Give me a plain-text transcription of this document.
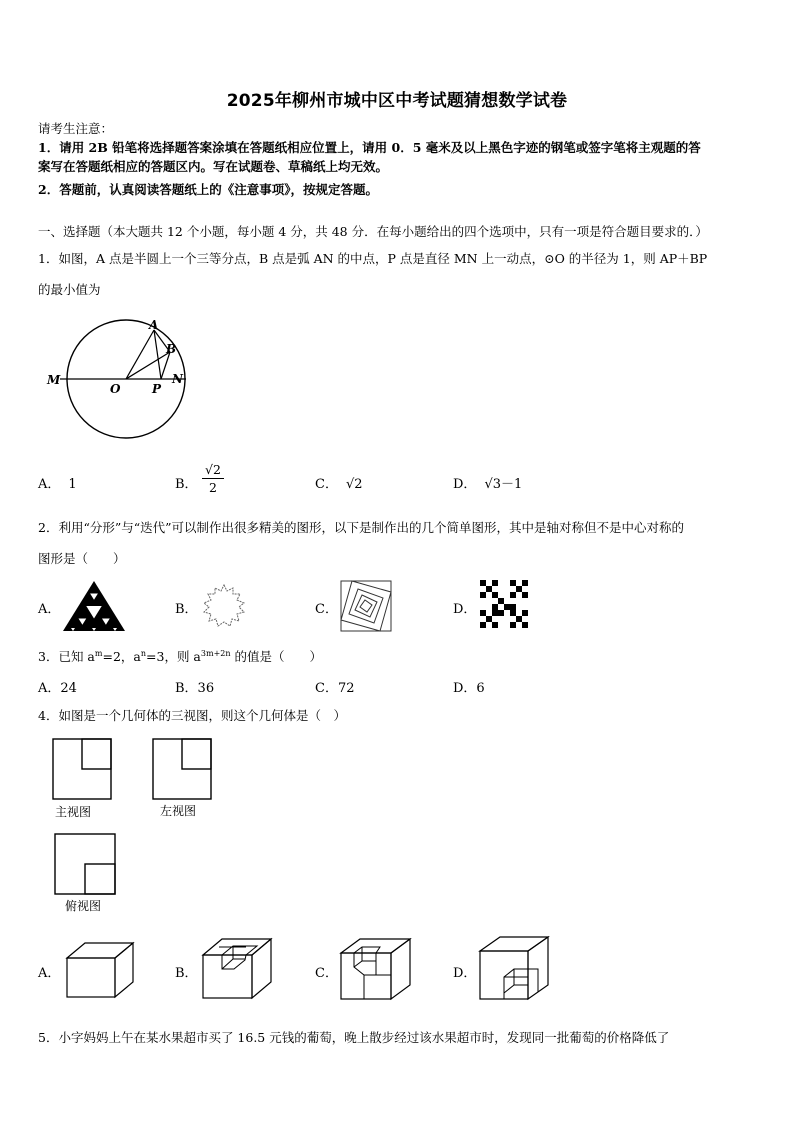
2025年柳州市城中区中考试题猜想数学试卷
请考生注意：
1．请用 2B 铅笔将选择题答案涂填在答题纸相应位置上，请用 0．5 毫米及以上黑色字迹的钢笔或签字笔将主观题的答
案写在答题纸相应的答题区内。写在试题卷、草稿纸上均无效。
2．答题前，认真阅读答题纸上的《注意事项》，按规定答题。
一、选择题（本大题共 12 个小题，每小题 4 分，共 48 分．在每小题给出的四个选项中，只有一项是符合题目要求的．）
1．如图，A 点是半圆上一个三等分点，B 点是弧 AN 的中点，P 点是直径 MN 上一动点，⊙O 的半径为 1，则 AP＋BP
的最小值为
A
B
M
O	P
N
A． 1	B． $\frac{√2}{2}$	C． √2	D． √3－1
2．利用“分形”与“迭代”可以制作出很多精美的图形，以下是制作出的几个简单图形，其中是轴对称但不是中心对称的
图形是（　　）
A．	B．	C．	D．
3．已知 $a^m=2$，$a^n=3$，则 $a^{3m+2n}$ 的值是（　　）
A．24	B．36	C．72	D．6
4．如图是一个几何体的三视图，则这个几何体是（　）
主视图	左视图
俯视图
A．	B．	C．	D．
5．小字妈妈上午在某水果超市买了 16.5 元钱的葡萄，晚上散步经过该水果超市时，发现同一批葡萄的价格降低了
